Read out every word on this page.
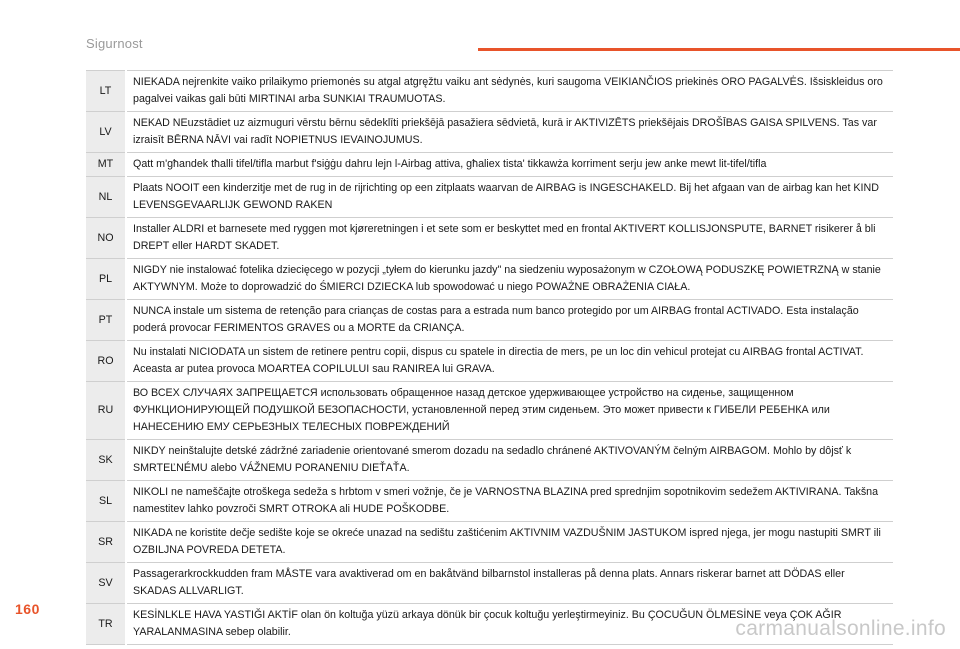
Sigurnost
LT	NIEKADA nejrenkite vaiko prilaikymo priemonės su atgal atgręžtu vaiku ant sėdynės, kuri saugoma VEIKIANČIOS priekinės ORO PAGALVĖS. Išsiskleidus oro pagalvei vaikas gali būti MIRTINAI arba SUNKIAI TRAUMUOTAS.
LV	NEKAD NEuzstādiet uz aizmuguri vērstu bērnu sēdeklīti priekšējā pasažiera sēdvietā, kurā ir AKTIVIZĒTS priekšējais DROŠĪBAS GAISA SPILVENS. Tas var izraisīt BĒRNA NĀVI vai radīt NOPIETNUS IEVAINOJUMUS.
MT	Qatt m'għandek tħalli tifel/tifla marbut f'siġġu dahru lejn l-Airbag attiva, għaliex tista' tikkawża korriment serju jew anke mewt lit-tifel/tifla
NL	Plaats NOOIT een kinderzitje met de rug in de rijrichting op een zitplaats waarvan de AIRBAG is INGESCHAKELD. Bij het afgaan van de airbag kan het KIND LEVENSGEVAARLIJK GEWOND RAKEN
NO	Installer ALDRI et barnesete med ryggen mot kjøreretningen i et sete som er beskyttet med en frontal AKTIVERT KOLLISJONSPUTE, BARNET risikerer å bli DREPT eller HARDT SKADET.
PL	NIGDY nie instalować fotelika dziecięcego w pozycji „tyłem do kierunku jazdy" na siedzeniu wyposażonym w CZOŁOWĄ PODUSZKĘ POWIETRZNĄ w stanie AKTYWNYM. Może to doprowadzić do ŚMIERCI DZIECKA lub spowodować u niego POWAŻNE OBRAŻENIA CIAŁA.
PT	NUNCA instale um sistema de retenção para crianças de costas para a estrada num banco protegido por um AIRBAG frontal ACTIVADO. Esta instalação poderá provocar FERIMENTOS GRAVES ou a MORTE da CRIANÇA.
RO	Nu instalati NICIODATA un sistem de retinere pentru copii, dispus cu spatele in directia de mers, pe un loc din vehicul protejat cu AIRBAG frontal ACTIVAT. Aceasta ar putea provoca MOARTEA COPILULUI sau RANIREA lui GRAVA.
RU	ВО ВСЕХ СЛУЧАЯХ ЗАПРЕЩАЕТСЯ использовать обращенное назад детское удерживающее устройство на сиденье, защищенном ФУНКЦИОНИРУЮЩЕЙ ПОДУШКОЙ БЕЗОПАСНОСТИ, установленной перед этим сиденьем. Это может привести к ГИБЕЛИ РЕБЕНКА или НАНЕСЕНИЮ ЕМУ СЕРЬЕЗНЫХ ТЕЛЕСНЫХ ПОВРЕЖДЕНИЙ
SK	NIKDY neinštalujte detské zádržné zariadenie orientované smerom dozadu na sedadlo chránené AKTIVOVANÝM čelným AIRBAGOM. Mohlo by dôjsť k SMRTEĽNÉMU alebo VÁŽNEMU PORANENIU DIEŤAŤA.
SL	NIKOLI ne nameščajte otroškega sedeža s hrbtom v smeri vožnje, če je VARNOSTNA BLAZINA pred sprednjim sopotnikovim sedežem AKTIVIRANA. Takšna namestitev lahko povzroči SMRT OTROKA ali HUDE POŠKODBE.
SR	NIKADA ne koristite dečje sedište koje se okreće unazad na sedištu zaštićenim AKTIVNIM VAZDUŠNIM JASTUKOM ispred njega, jer mogu nastupiti SMRT ili OZBILJNA POVREDA DETETA.
SV	Passagerarkrockkudden fram MÅSTE vara avaktiverad om en bakåtvänd bilbarnstol installeras på denna plats. Annars riskerar barnet att DÖDAS eller SKADAS ALLVARLIGT.
TR	KESİNLKLE HAVA YASTIĞI AKTİF olan ön koltuğa yüzü arkaya dönük bir çocuk koltuğu yerleştirmeyiniz. Bu ÇOCUĞUN ÖLMESİNE veya ÇOK AĞIR YARALANMASINA sebep olabilir.
160
carmanualsonline.info
